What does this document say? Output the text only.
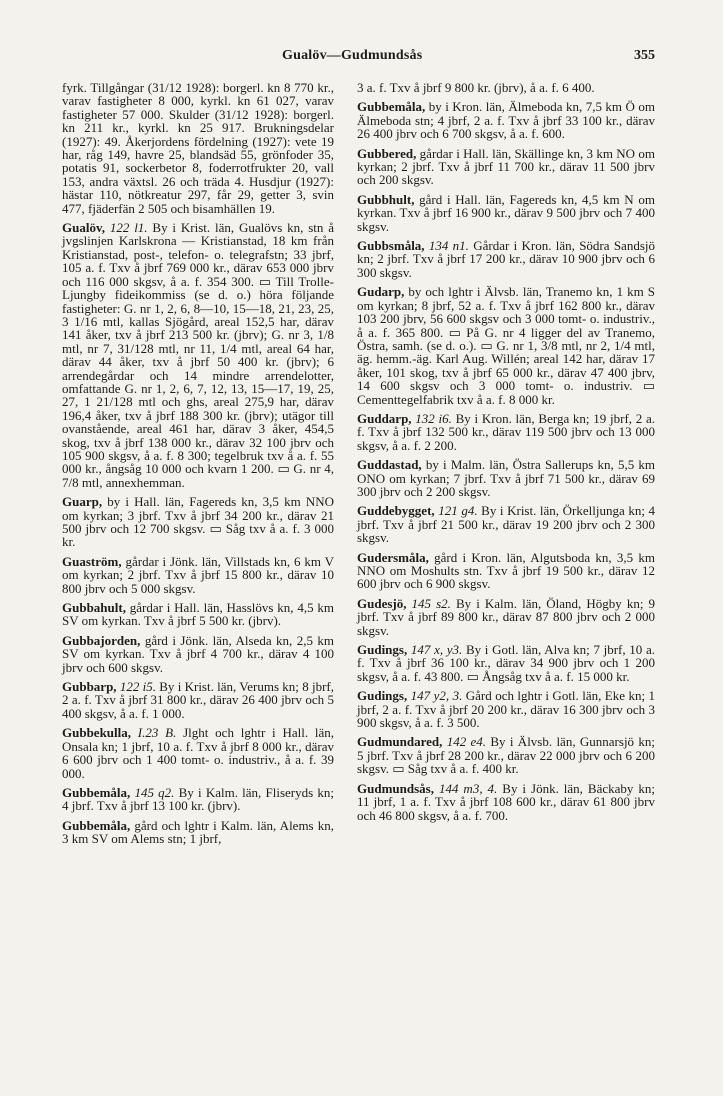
Gualöv—Gudmundsås	355

fyrk. Tillgångar (31/12 1928): borgerl. kn 8 770 kr., varav fastigheter 8 000, kyrkl. kn 61 027, varav fastigheter 57 000. Skulder (31/12 1928): borgerl. kn 211 kr., kyrkl. kn 25 917. Brukningsdelar (1927): 49. Åkerjordens fördelning (1927): vete 19 har, råg 149, havre 25, blandsäd 55, grönfoder 35, potatis 91, sockerbetor 8, foderrotfrukter 20, vall 153, andra växtsl. 26 och träda 4. Husdjur (1927): hästar 110, nötkreatur 297, får 29, getter 3, svin 477, fjäderfän 2 505 och bisamhällen 19.

Gualöv, 122 l1. By i Krist. län, Gualövs kn, stn å jvgslinjen Karlskrona — Kristianstad, 18 km från Kristianstad, post-, telefon- o. telegrafstn; 33 jbrf, 105 a. f. Txv å jbrf 769 000 kr., därav 653 000 jbrv och 116 000 skgsv, å a. f. 354 300. ▭ Till Trolle-Ljungby fideikommiss (se d. o.) höra följande fastigheter: G. nr 1, 2, 6, 8—10, 15—18, 21, 23, 25, 3 1/16 mtl, kallas Sjögård, areal 152,5 har, därav 141 åker, txv å jbrf 213 500 kr. (jbrv); G. nr 3, 1/8 mtl, nr 7, 31/128 mtl, nr 11, 1/4 mtl, areal 64 har, därav 44 åker, txv å jbrf 50 400 kr. (jbrv); 6 arrendegårdar och 14 mindre arrendelotter, omfattande G. nr 1, 2, 6, 7, 12, 13, 15—17, 19, 25, 27, 1 21/128 mtl och ghs, areal 275,9 har, därav 196,4 åker, txv å jbrf 188 300 kr. (jbrv); utägor till ovanstående, areal 461 har, därav 3 åker, 454,5 skog, txv å jbrf 138 000 kr., därav 32 100 jbrv och 105 900 skgsv, å a. f. 8 300; tegelbruk txv å a. f. 55 000 kr., ångsåg 10 000 och kvarn 1 200. ▭ G. nr 4, 7/8 mtl, annexhemman.

Guarp, by i Hall. län, Fagereds kn, 3,5 km NNO om kyrkan; 3 jbrf. Txv å jbrf 34 200 kr., därav 21 500 jbrv och 12 700 skgsv. ▭ Såg txv å a. f. 3 000 kr.

Guaström, gårdar i Jönk. län, Villstads kn, 6 km V om kyrkan; 2 jbrf. Txv å jbrf 15 800 kr., därav 10 800 jbrv och 5 000 skgsv.

Gubbahult, gårdar i Hall. län, Hasslövs kn, 4,5 km SV om kyrkan. Txv å jbrf 5 500 kr. (jbrv).

Gubbajorden, gård i Jönk. län, Alseda kn, 2,5 km SV om kyrkan. Txv å jbrf 4 700 kr., därav 4 100 jbrv och 600 skgsv.

Gubbarp, 122 i5. By i Krist. län, Verums kn; 8 jbrf, 2 a. f. Txv å jbrf 31 800 kr., därav 26 400 jbrv och 5 400 skgsv, å a. f. 1 000.

Gubbekulla, I.23 B. Jlght och lghtr i Hall. län, Onsala kn; 1 jbrf, 10 a. f. Txv å jbrf 8 000 kr., därav 6 600 jbrv och 1 400 tomt- o. industriv., å a. f. 39 000.

Gubbemåla, 145 q2. By i Kalm. län, Fliseryds kn; 4 jbrf. Txv å jbrf 13 100 kr. (jbrv).

Gubbemåla, gård och lghtr i Kalm. län, Alems kn, 3 km SV om Alems stn; 1 jbrf,

3 a. f. Txv å jbrf 9 800 kr. (jbrv), å a. f. 6 400.

Gubbemåla, by i Kron. län, Älmeboda kn, 7,5 km Ö om Älmeboda stn; 4 jbrf, 2 a. f. Txv å jbrf 33 100 kr., därav 26 400 jbrv och 6 700 skgsv, å a. f. 600.

Gubbered, gårdar i Hall. län, Skällinge kn, 3 km NO om kyrkan; 2 jbrf. Txv å jbrf 11 700 kr., därav 11 500 jbrv och 200 skgsv.

Gubbhult, gård i Hall. län, Fagereds kn, 4,5 km N om kyrkan. Txv å jbrf 16 900 kr., därav 9 500 jbrv och 7 400 skgsv.

Gubbsmåla, 134 n1. Gårdar i Kron. län, Södra Sandsjö kn; 2 jbrf. Txv å jbrf 17 200 kr., därav 10 900 jbrv och 6 300 skgsv.

Gudarp, by och lghtr i Älvsb. län, Tranemo kn, 1 km S om kyrkan; 8 jbrf, 52 a. f. Txv å jbrf 162 800 kr., därav 103 200 jbrv, 56 600 skgsv och 3 000 tomt- o. industriv., å a. f. 365 800. ▭ På G. nr 4 ligger del av Tranemo, Östra, samh. (se d. o.). ▭ G. nr 1, 3/8 mtl, nr 2, 1/4 mtl, äg. hemm.-äg. Karl Aug. Willén; areal 142 har, därav 17 åker, 101 skog, txv å jbrf 65 000 kr., därav 47 400 jbrv, 14 600 skgsv och 3 000 tomt- o. industriv. ▭ Cementtegelfabrik txv å a. f. 8 000 kr.

Guddarp, 132 i6. By i Kron. län, Berga kn; 19 jbrf, 2 a. f. Txv å jbrf 132 500 kr., därav 119 500 jbrv och 13 000 skgsv, å a. f. 2 200.

Guddastad, by i Malm. län, Östra Sallerups kn, 5,5 km ONO om kyrkan; 7 jbrf. Txv å jbrf 71 500 kr., därav 69 300 jbrv och 2 200 skgsv.

Guddebygget, 121 g4. By i Krist. län, Örkelljunga kn; 4 jbrf. Txv å jbrf 21 500 kr., därav 19 200 jbrv och 2 300 skgsv.

Gudersmåla, gård i Kron. län, Algutsboda kn, 3,5 km NNO om Moshults stn. Txv å jbrf 19 500 kr., därav 12 600 jbrv och 6 900 skgsv.

Gudesjö, 145 s2. By i Kalm. län, Öland, Högby kn; 9 jbrf. Txv å jbrf 89 800 kr., därav 87 800 jbrv och 2 000 skgsv.

Gudings, 147 x, y3. By i Gotl. län, Alva kn; 7 jbrf, 10 a. f. Txv å jbrf 36 100 kr., därav 34 900 jbrv och 1 200 skgsv, å a. f. 43 800. ▭ Ångsåg txv å a. f. 15 000 kr.

Gudings, 147 y2, 3. Gård och lghtr i Gotl. län, Eke kn; 1 jbrf, 2 a. f. Txv å jbrf 20 200 kr., därav 16 300 jbrv och 3 900 skgsv, å a. f. 3 500.

Gudmundared, 142 e4. By i Älvsb. län, Gunnarsjö kn; 5 jbrf. Txv å jbrf 28 200 kr., därav 22 000 jbrv och 6 200 skgsv. ▭ Såg txv å a. f. 400 kr.

Gudmundsås, 144 m3, 4. By i Jönk. län, Bäckaby kn; 11 jbrf, 1 a. f. Txv å jbrf 108 600 kr., därav 61 800 jbrv och 46 800 skgsv, å a. f. 700.
